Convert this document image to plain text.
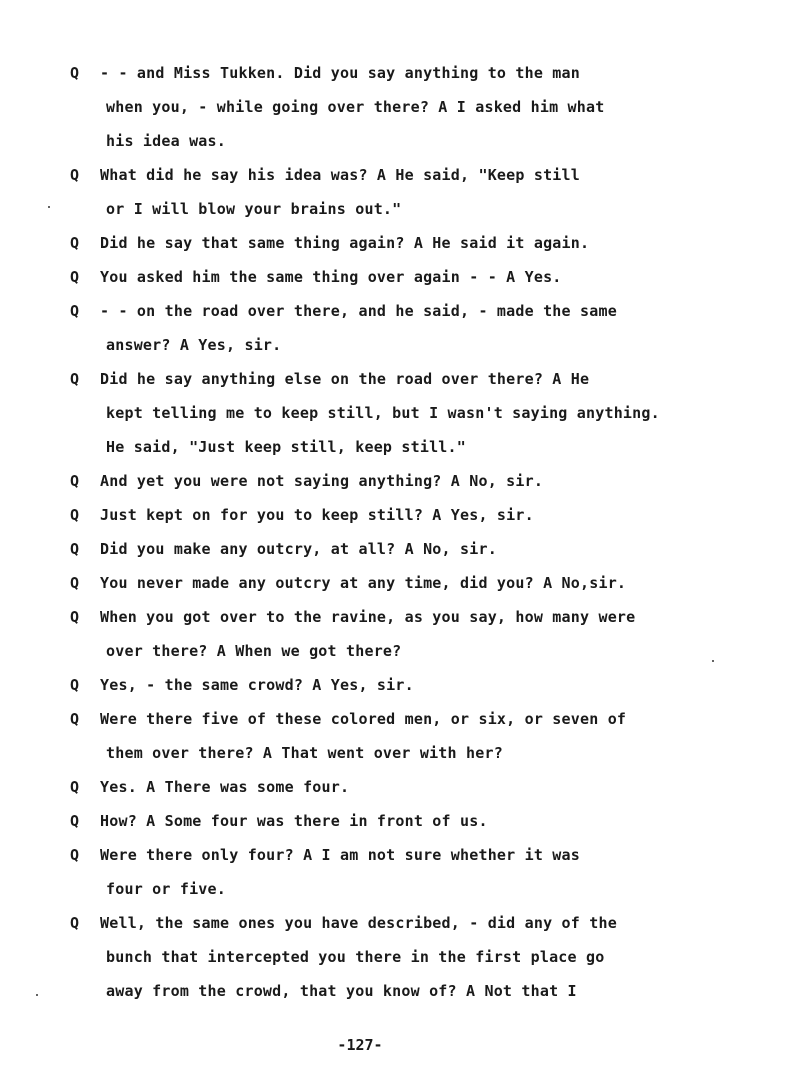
Q - - and Miss Tukken. Did you say anything to the man
when you, - while going over there? A I asked him what
his idea was.
Q What did he say his idea was? A He said, "Keep still
or I will blow your brains out."
Q Did he say that same thing again? A He said it again.
Q You asked him the same thing over again - - A Yes.
Q - - on the road over there, and he said, - made the same
answer? A Yes, sir.
Q Did he say anything else on the road over there? A He
kept telling me to keep still, but I wasn't saying anything.
He said, "Just keep still, keep still."
Q And yet you were not saying anything? A No, sir.
Q Just kept on for you to keep still? A Yes, sir.
Q Did you make any outcry, at all? A No, sir.
Q You never made any outcry at any time, did you? A No,sir.
Q When you got over to the ravine, as you say, how many were
over there? A When we got there?
Q Yes, - the same crowd? A Yes, sir.
Q Were there five of these colored men, or six, or seven of
them over there? A That went over with her?
Q Yes. A There was some four.
Q How? A Some four was there in front of us.
Q Were there only four? A I am not sure whether it was
four or five.
Q Well, the same ones you have described, - did any of the
bunch that intercepted you there in the first place go
away from the crowd, that you know of? A Not that I
-127-
